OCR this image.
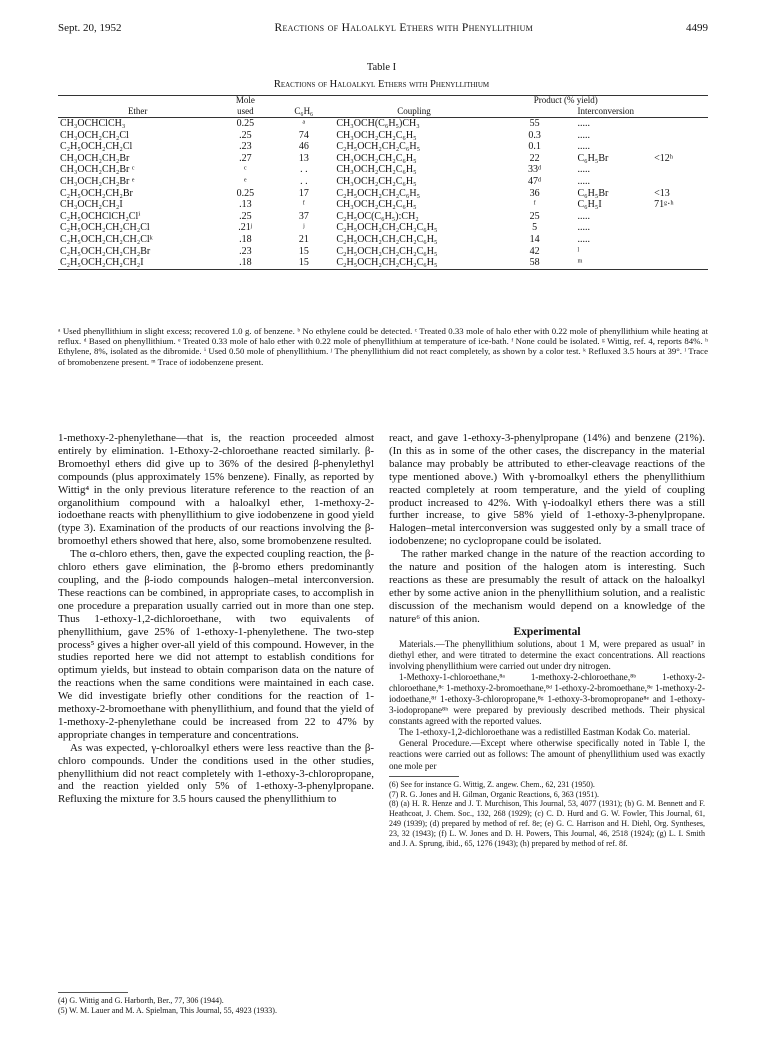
Sept. 20, 1952	Reactions of Haloalkyl Ethers with Phenyllithium	4499
Table I
Reactions of Haloalkyl Ethers with Phenyllithium
	Mole			Product (% yield)		
Ether	used	C₆H₆	Coupling		Interconversion	
CH₃OCHClCH₃	0.25	ᵃ	CH₃OCH(C₆H₅)CH₃	55	.....	
CH₃OCH₂CH₂Cl	.25	74	CH₃OCH₂CH₂C₆H₅	0.3	.....	
C₂H₅OCH₂CH₂Cl	.23	46	C₂H₅OCH₂CH₂C₆H₅	0.1	.....	
CH₃OCH₂CH₂Br	.27	13	CH₃OCH₂CH₂C₆H₅	22	C₆H₅Br	<12ʰ
CH₃OCH₂CH₂Br ᶜ	ᶜ	. .	CH₃OCH₂CH₂C₆H₅	33ᵈ	.....	
CH₃OCH₂CH₂Br ᵉ	ᵉ	. .	CH₃OCH₂CH₂C₆H₅	47ᵈ	.....	
C₂H₅OCH₂CH₂Br	0.25	17	C₂H₅OCH₂CH₂C₆H₅	36	C₆H₅Br	<13
CH₃OCH₂CH₂I	.13	ᶠ	CH₃OCH₂CH₂C₆H₅	ᶠ	C₆H₅I	71ᵍ·ʰ
C₂H₅OCHClCH₂Clⁱ	.25	37	C₂H₅OC(C₆H₅):CH₂	25	.....	
C₂H₅OCH₂CH₂CH₂Cl	.21ʲ	ʲ	C₂H₅OCH₂CH₂CH₂C₆H₅	5	.....	
C₂H₅OCH₂CH₂CH₂Clᵏ	.18	21	C₂H₅OCH₂CH₂CH₂C₆H₅	14	.....	
C₂H₅OCH₂CH₂CH₂Br	.23	15	C₂H₅OCH₂CH₂CH₂C₆H₅	42	ˡ	
C₂H₅OCH₂CH₂CH₂I	.18	15	C₂H₅OCH₂CH₂CH₂C₆H₅	58	ᵐ	
ᵃ Used phenyllithium in slight excess; recovered 1.0 g. of benzene. ᵇ No ethylene could be detected. ᶜ Treated 0.33 mole of halo ether with 0.22 mole of phenyllithium while heating at reflux. ᵈ Based on phenyllithium. ᵉ Treated 0.33 mole of halo ether with 0.22 mole of phenyllithium at temperature of ice-bath. ᶠ None could be isolated. ᵍ Wittig, ref. 4, reports 84%. ʰ Ethylene, 8%, isolated as the dibromide. ⁱ Used 0.50 mole of phenyllithium. ʲ The phenyllithium did not react completely, as shown by a color test. ᵏ Refluxed 3.5 hours at 39°. ˡ Trace of bromobenzene present. ᵐ Trace of iodobenzene present.

1-methoxy-2-phenylethane—that is, the reaction proceeded almost entirely by elimination. 1-Ethoxy-2-chloroethane reacted similarly. β-Bromoethyl ethers did give up to 36% of the desired β-phenylethyl compounds (plus approximately 15% benzene). Finally, as reported by Wittig⁴ in the only previous literature reference to the reaction of an organolithium compound with a haloalkyl ether, 1-methoxy-2-iodoethane reacts with phenyllithium to give iodobenzene in good yield (type 3). Examination of the products of our reactions involving the β-bromoethyl ethers showed that here, also, some bromobenzene resulted.

The α-chloro ethers, then, gave the expected coupling reaction, the β-chloro ethers gave elimination, the β-bromo ethers predominantly coupling, and the β-iodo compounds halogen–metal interconversion. These reactions can be combined, in appropriate cases, to accomplish in one procedure a preparation usually carried out in more than one step. Thus 1-ethoxy-1,2-dichloroethane, with two equivalents of phenyllithium, gave 25% of 1-ethoxy-1-phenylethene. The two-step process⁵ gives a higher over-all yield of this compound. However, in the studies reported here we did not attempt to establish conditions for optimum yields, but instead to obtain comparison data on the nature of the reactions when the same conditions were maintained in each case. We did investigate briefly other conditions for the reaction of 1-methoxy-2-bromoethane with phenyllithium, and found that the yield of 1-methoxy-2-phenylethane could be increased from 22 to 47% by appropriate changes in temperature and concentrations.

As was expected, γ-chloroalkyl ethers were less reactive than the β-chloro compounds. Under the conditions used in the other studies, phenyllithium did not react completely with 1-ethoxy-3-chloropropane, and the reaction yielded only 5% of 1-ethoxy-3-phenylpropane. Refluxing the mixture for 3.5 hours caused the phenyllithium to

(4) G. Wittig and G. Harborth, Ber., 77, 306 (1944).

(5) W. M. Lauer and M. A. Spielman, This Journal, 55, 4923 (1933).

react, and gave 1-ethoxy-3-phenylpropane (14%) and benzene (21%). (In this as in some of the other cases, the discrepancy in the material balance may probably be attributed to ether-cleavage reactions of the type mentioned above.) With γ-bromoalkyl ethers the phenyllithium reacted completely at room temperature, and the yield of coupling product increased to 42%. With γ-iodoalkyl ethers there was a still further increase, to give 58% yield of 1-ethoxy-3-phenylpropane. Halogen–metal interconversion was suggested only by a small trace of iodobenzene; no cyclopropane could be isolated.

The rather marked change in the nature of the reaction according to the nature and position of the halogen atom is interesting. Such reactions as these are presumably the result of attack on the haloalkyl ether by some active anion in the phenyllithium solution, and a realistic discussion of the mechanism would depend on a knowledge of the nature⁶ of this anion.

Experimental

Materials.—The phenyllithium solutions, about 1 M, were prepared as usual⁷ in diethyl ether, and were titrated to determine the exact concentrations. All reactions involving phenyllithium were carried out under dry nitrogen.

1-Methoxy-1-chloroethane,⁸ᵃ 1-methoxy-2-chloroethane,⁸ᵇ 1-ethoxy-2-chloroethane,⁸ᶜ 1-methoxy-2-bromoethane,⁸ᵈ 1-ethoxy-2-bromoethane,⁸ᵉ 1-methoxy-2-iodoethane,⁸ᶠ 1-ethoxy-3-chloropropane,⁸ᵍ 1-ethoxy-3-bromopropane⁸ᵉ and 1-ethoxy-3-iodopropane⁸ʰ were prepared by previously described methods. Their physical constants agreed with the reported values.

The 1-ethoxy-1,2-dichloroethane was a redistilled Eastman Kodak Co. material.

General Procedure.—Except where otherwise specifically noted in Table I, the reactions were carried out as follows: The amount of phenyllithium used was exactly one mole per

(6) See for instance G. Wittig, Z. angew. Chem., 62, 231 (1950).

(7) R. G. Jones and H. Gilman, Organic Reactions, 6, 363 (1951).

(8) (a) H. R. Henze and J. T. Murchison, This Journal, 53, 4077 (1931); (b) G. M. Bennett and F. Heathcoat, J. Chem. Soc., 132, 268 (1929); (c) C. D. Hurd and G. W. Fowler, This Journal, 61, 249 (1939); (d) prepared by method of ref. 8e; (e) G. C. Harrison and H. Diehl, Org. Syntheses, 23, 32 (1943); (f) L. W. Jones and D. H. Powers, This Journal, 46, 2518 (1924); (g) L. I. Smith and J. A. Sprung, ibid., 65, 1276 (1943); (h) prepared by method of ref. 8f.
